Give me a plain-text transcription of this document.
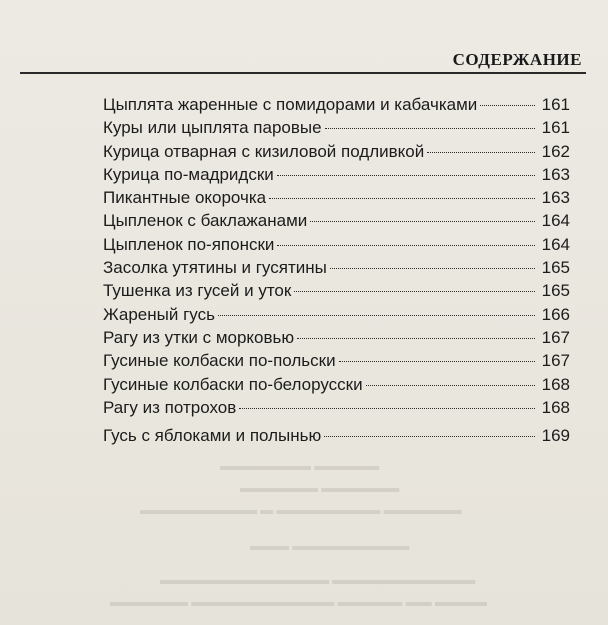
▬▬▬▬▬▬▬ ▬▬▬▬▬
▬▬▬▬▬▬ ▬▬▬▬▬▬
▬▬▬▬▬▬▬▬▬ ▬ ▬▬▬▬▬▬▬▬ ▬▬▬▬▬▬
▬▬▬ ▬▬▬▬▬▬▬▬▬
▬▬▬▬▬▬▬▬▬▬▬▬▬ ▬▬▬▬▬▬▬▬▬▬▬
▬▬▬▬▬▬ ▬▬▬▬▬▬▬▬▬▬▬ ▬▬▬▬▬ ▬▬ ▬▬▬▬
СОДЕРЖАНИЕ
Цыплята жаренные с помидорами и кабачками	161
Куры или цыплята паровые	161
Курица отварная с кизиловой подливкой	162
Курица по-мадридски	163
Пикантные окорочка	163
Цыпленок с баклажанами	164
Цыпленок по-японски	164
Засолка утятины и гусятины	165
Тушенка из гусей и уток	165
Жареный гусь	166
Рагу из утки с морковью	167
Гусиные колбаски по-польски	167
Гусиные колбаски по-белорусски	168
Рагу из потрохов	168
Гусь с яблоками и полынью	169
